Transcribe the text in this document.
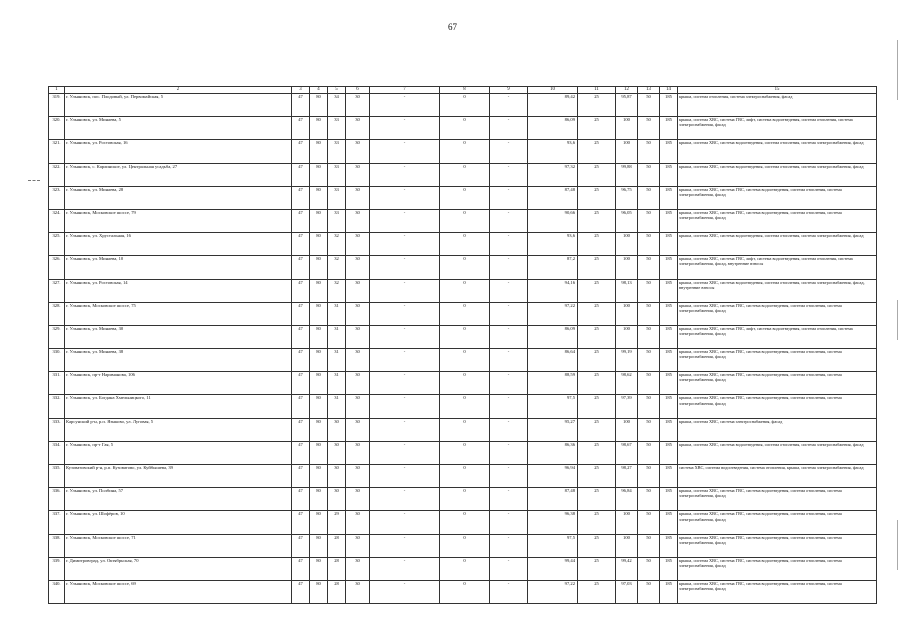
67
1	2	3	4	5	6	7	8	9	10	11	12	13	14	15
319.	г. Ульяновск, пос. Плодовый, ул. Первомайская, 5	47	80	34	30	-	0	-	89,42	25	95,87	50	185	крыша, система отопления, система электроснабжения, фасад
320.	г. Ульяновск, ул. Минаева, 5	47	80	33	30	-	0	-	86,09	25	100	50	185	крыша, система ХВС, система ГВС, лифт, система водоотведения, система отопления, система электроснабжения, фасад
321.	г. Ульяновск, ул. Ростовская, 16	47	80	33	30	-	0	-	93,6	25	100	50	185	крыша, система ХВС, система водоотведения, система отопления, система электроснабжения, фасад
322.	г. Ульяновск, с. Карлинское, ул. Центральная усадьба, 27	47	80	33	30	-	0	-	97,32	25	99,88	50	185	крыша, система ХВС, система водоотведения, система отопления, система электроснабжения, фасад
323.	г. Ульяновск, ул. Минаева, 28	47	80	33	30	-	0	-	87,48	25	96,75	50	185	крыша, система ХВС, система ГВС, система водоотведения, система отопления, система электроснабжения, фасад
324.	г. Ульяновск, Московское шоссе, 79	47	80	33	30	-	0	-	90,66	25	96,05	50	185	крыша, система ХВС, система ГВС, система водоотведения, система отопления, система электроснабжения, фасад
325.	г. Ульяновск, ул. Хрустальная, 16	47	80	32	30	-	0	-	93,6	25	100	50	185	крыша, система ХВС, система водоотведения, система отопления, система электроснабжения, фасад
326.	г. Ульяновск, ул. Минаева, 10	47	80	32	30	-	0	-	87,2	25	100	50	185	крыша, система ХВС, система ГВС, лифт, система водоотведения, система отопления, система электроснабжения, фасад, внутренние взносы
327.	г. Ульяновск, ул. Ростовская, 14	47	80	32	30	-	0	-	94,16	25	98,13	50	185	крыша, система ХВС, система водоотведения, система отопления, система электроснабжения, фасад, внутренние взносы
328.	г. Ульяновск, Московское шоссе, 75	47	80	31	30	-	0	-	97,22	25	100	50	185	крыша, система ХВС, система ГВС, система водоотведения, система отопления, система электроснабжения, фасад
329.	г. Ульяновск, ул. Минаева, 30	47	80	31	30	-	0	-	86,09	25	100	50	185	крыша, система ХВС, система ГВС, лифт, система водоотведения, система отопления, система электроснабжения, фасад
330.	г. Ульяновск, ул. Минаева, 38	47	80	31	30	-	0	-	86,64	25	99,19	50	185	крыша, система ХВС, система ГВС, система водоотведения, система отопления, система электроснабжения, фасад
331.	г. Ульяновск, пр-т Нариманова, 106	47	80	31	30	-	0	-	88,59	25	98,62	50	185	крыша, система ХВС, система ГВС, система водоотведения, система отопления, система электроснабжения, фасад
332.	г. Ульяновск, ул. Богдана Хмельницкого, 11	47	80	31	30	-	0	-	97,5	25	97,39	50	185	крыша, система ХВС, система ГВС, система водоотведения, система отопления, система электроснабжения, фасад
333.	Карсунский р-н, р.п. Языково, ул. Луговая, 5	47	80	30	30	-	0	-	95,27	25	100	50	185	крыша, система ХВС, система электроснабжения, фасад
334.	г. Ульяновск, пр-т Гая, 5	47	80	30	30	-	0	-	86,36	25	98,67	50	185	крыша, система ХВС, система водоотведения, система отопления, система электроснабжения, фасад
335.	Кузоватовский р-н, р.п. Кузоватово, ул. Куйбышева, 39	47	80	30	30	-	0	-	96,94	25	98,27	50	185	система ХВС, система водоотведения, система отопления, крыша, система электроснабжения, фасад
336.	г. Ульяновск, ул. Полбина, 57	47	80	30	30	-	0	-	87,48	25	96,84	50	185	крыша, система ХВС, система ГВС, система водоотведения, система отопления, система электроснабжения, фасад
337.	г. Ульяновск, ул. Шофёров, 10	47	80	29	30	-	0	-	96,38	25	100	50	185	крыша, система ХВС, система ГВС, система водоотведения, система отопления, система электроснабжения, фасад
338.	г. Ульяновск, Московское шоссе, 71	47	80	28	30	-	0	-	97,5	25	100	50	185	крыша, система ХВС, система ГВС, система водоотведения, система отопления, система электроснабжения, фасад
339.	г. Димитровград, ул. Октябрьская, 70	47	80	28	30	-	0	-	99,44	25	99,42	50	185	крыша, система ХВС, система ГВС, система водоотведения, система отопления, система электроснабжения, фасад
340.	г. Ульяновск, Московское шоссе, 69	47	80	28	30	-	0	-	97,22	25	97,03	50	185	крыша, система ХВС, система ГВС, система водоотведения, система отопления, система электроснабжения, фасад
